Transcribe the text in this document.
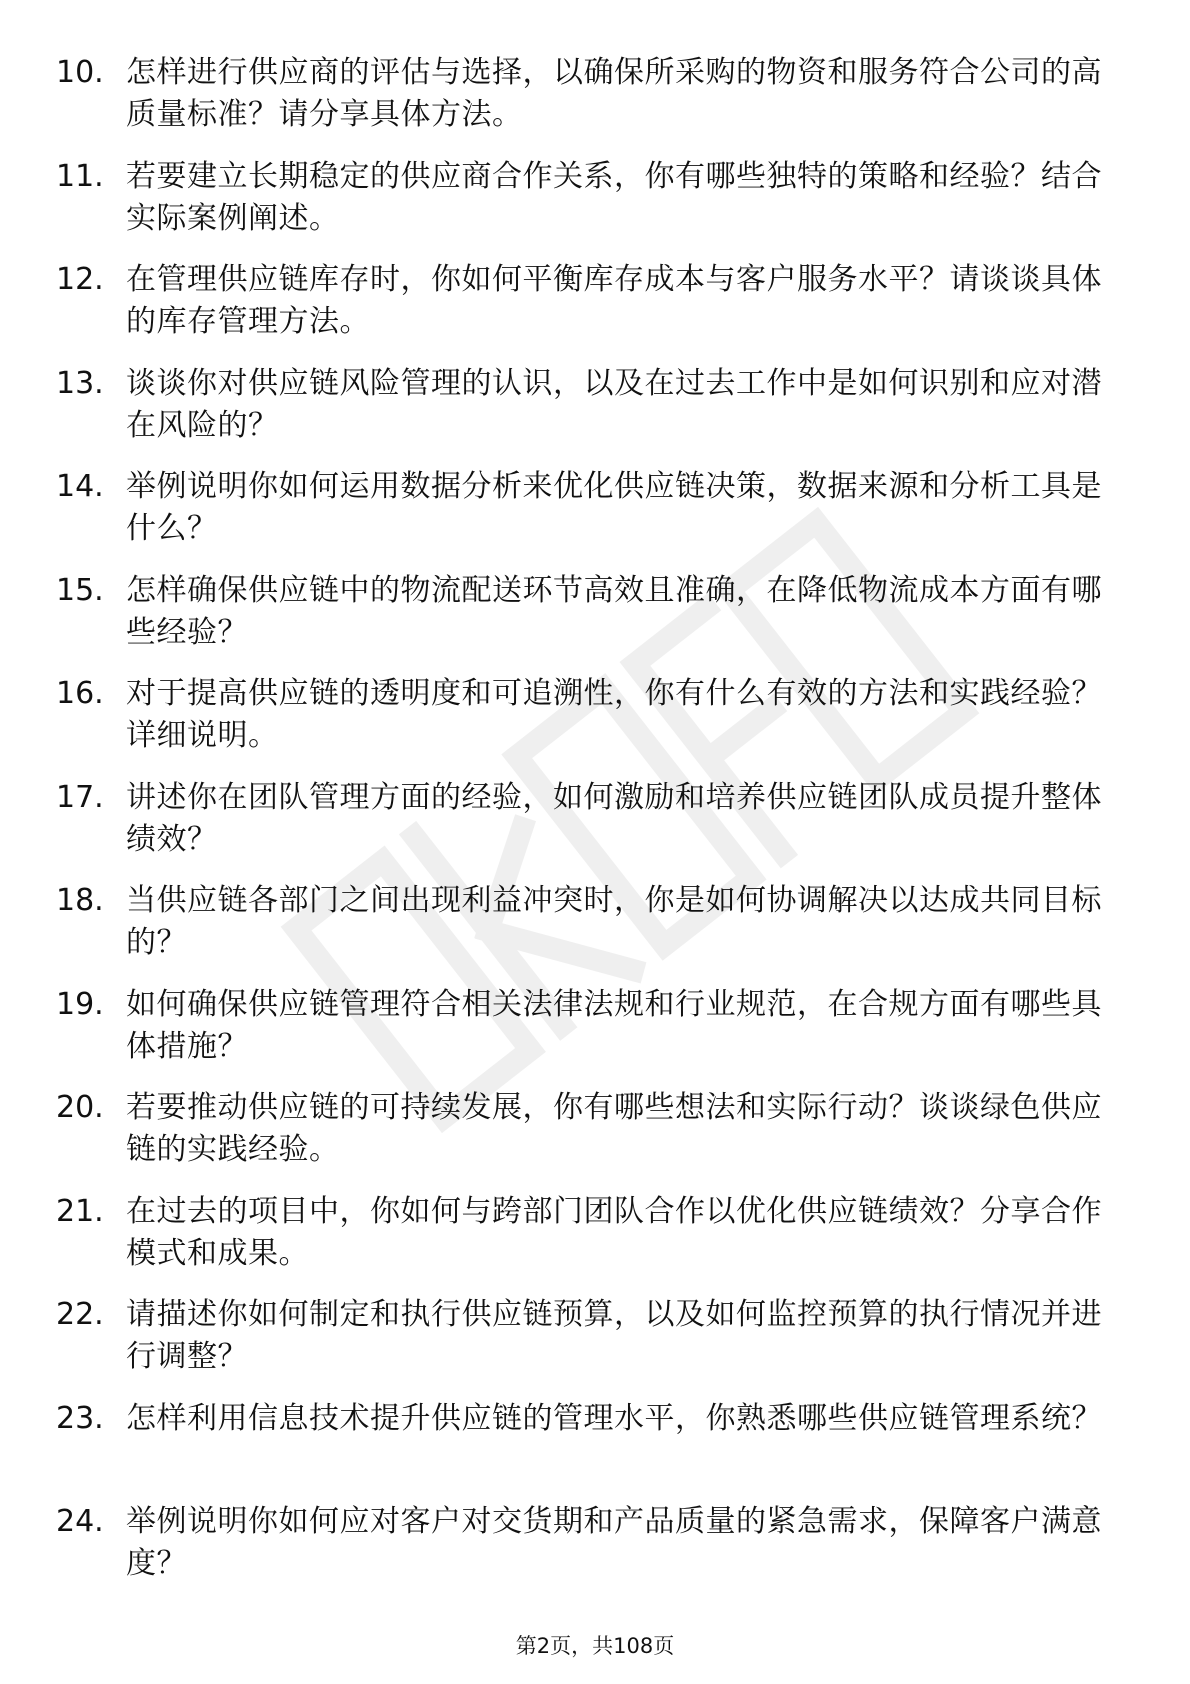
10. 怎样进行供应商的评估与选择，以确保所采购的物资和服务符合公司的高质量标准？请分享具体方法。
11. 若要建立长期稳定的供应商合作关系，你有哪些独特的策略和经验？结合实际案例阐述。
12. 在管理供应链库存时，你如何平衡库存成本与客户服务水平？请谈谈具体的库存管理方法。
13. 谈谈你对供应链风险管理的认识，以及在过去工作中是如何识别和应对潜在风险的？
14. 举例说明你如何运用数据分析来优化供应链决策，数据来源和分析工具是什么？
15. 怎样确保供应链中的物流配送环节高效且准确，在降低物流成本方面有哪些经验？
16. 对于提高供应链的透明度和可追溯性，你有什么有效的方法和实践经验？详细说明。
17. 讲述你在团队管理方面的经验，如何激励和培养供应链团队成员提升整体绩效？
18. 当供应链各部门之间出现利益冲突时，你是如何协调解决以达成共同目标的？
19. 如何确保供应链管理符合相关法律法规和行业规范，在合规方面有哪些具体措施？
20. 若要推动供应链的可持续发展，你有哪些想法和实际行动？谈谈绿色供应链的实践经验。
21. 在过去的项目中，你如何与跨部门团队合作以优化供应链绩效？分享合作模式和成果。
22. 请描述你如何制定和执行供应链预算，以及如何监控预算的执行情况并进行调整？
23. 怎样利用信息技术提升供应链的管理水平，你熟悉哪些供应链管理系统？
24. 举例说明你如何应对客户对交货期和产品质量的紧急需求，保障客户满意度？
第2页，共108页
